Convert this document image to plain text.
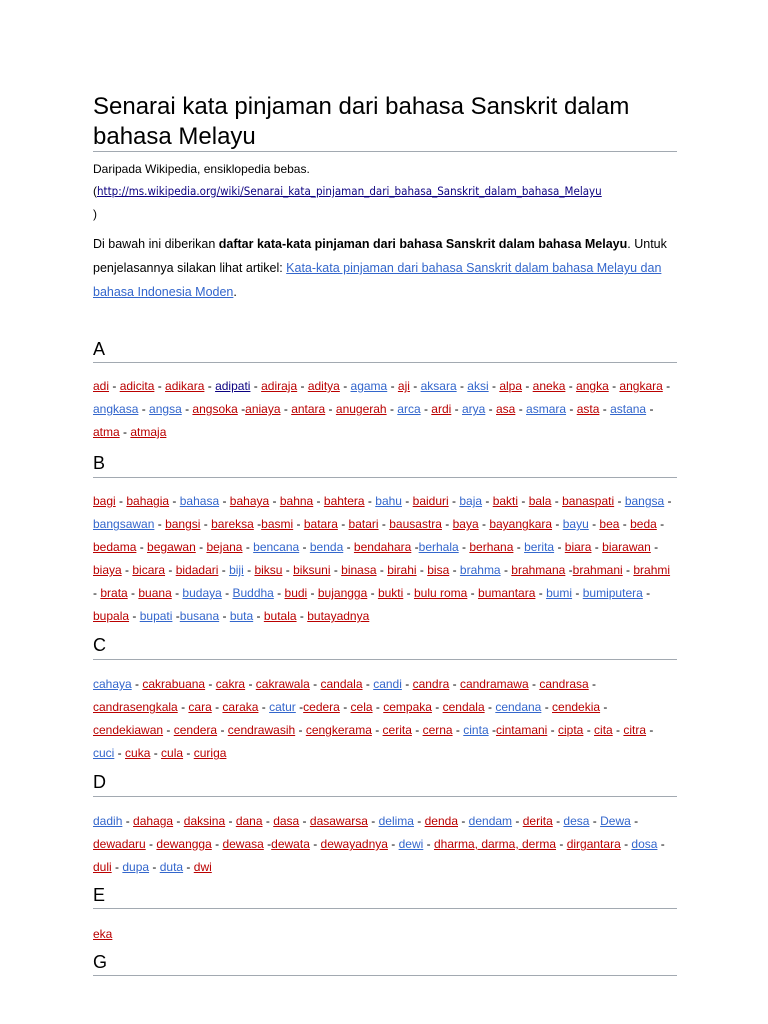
Senarai kata pinjaman dari bahasa Sanskrit dalam bahasa Melayu
Daripada Wikipedia, ensiklopedia bebas.
(http://ms.wikipedia.org/wiki/Senarai_kata_pinjaman_dari_bahasa_Sanskrit_dalam_bahasa_Melayu
)

Di bawah ini diberikan daftar kata-kata pinjaman dari bahasa Sanskrit dalam bahasa Melayu. Untuk penjelasannya silakan lihat artikel: Kata-kata pinjaman dari bahasa Sanskrit dalam bahasa Melayu dan bahasa Indonesia Moden.

A

adi - adicita - adikara - adipati - adiraja - aditya - agama - aji - aksara - aksi - alpa - aneka - angka - angkara - angkasa - angsa - angsoka -aniaya - antara - anugerah - arca - ardi - arya - asa - asmara - asta - astana - atma - atmaja

B

bagi - bahagia - bahasa - bahaya - bahna - bahtera - bahu - baiduri - baja - bakti - bala - banaspati - bangsa - bangsawan - bangsi - bareksa -basmi - batara - batari - bausastra - baya - bayangkara - bayu - bea - beda - bedama - begawan - bejana - bencana - benda - bendahara -berhala - berhana - berita - biara - biarawan - biaya - bicara - bidadari - biji - biksu - biksuni - binasa - birahi - bisa - brahma - brahmana -brahmani - brahmi - brata - buana - budaya - Buddha - budi - bujangga - bukti - bulu roma - bumantara - bumi - bumiputera - bupala - bupati -busana - buta - butala - butayadnya

C

cahaya - cakrabuana - cakra - cakrawala - candala - candi - candra - candramawa - candrasa - candrasengkala - cara - caraka - catur -cedera - cela - cempaka - cendala - cendana - cendekia - cendekiawan - cendera - cendrawasih - cengkerama - cerita - cerna - cinta -cintamani - cipta - cita - citra - cuci - cuka - cula - curiga

D

dadih - dahaga - daksina - dana - dasa - dasawarsa - delima - denda - dendam - derita - desa - Dewa - dewadaru - dewangga - dewasa -dewata - dewayadnya - dewi - dharma, darma, derma - dirgantara - dosa - duli - dupa - duta - dwi

E

eka

G
